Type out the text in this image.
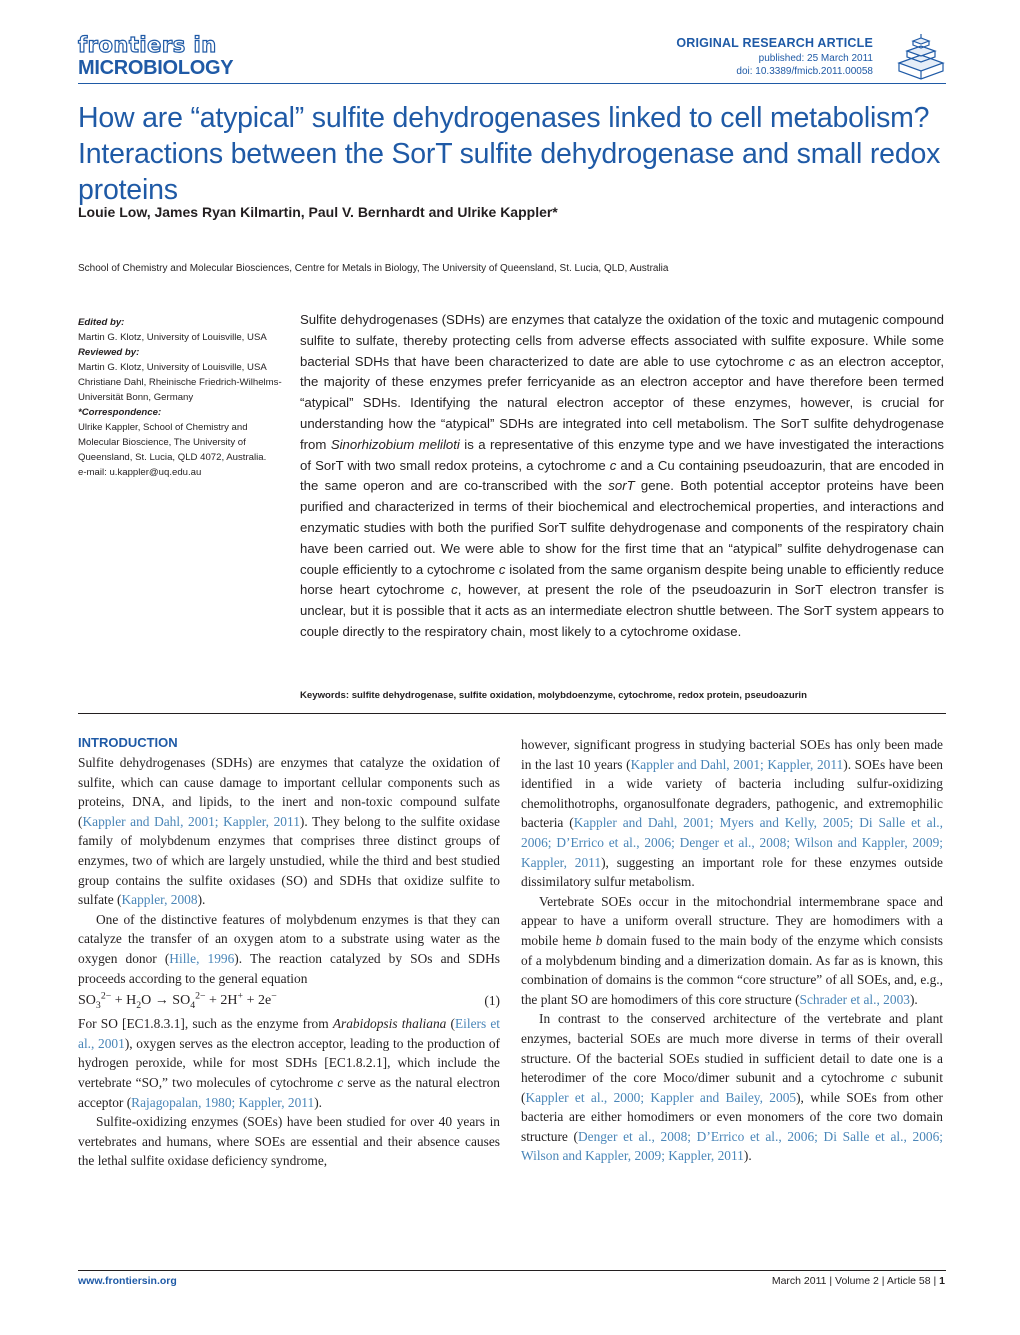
frontiers in
MICROBIOLOGY
ORIGINAL RESEARCH ARTICLE
published: 25 March 2011
doi: 10.3389/fmicb.2011.00058
How are “atypical” sulfite dehydrogenases linked to cell metabolism? Interactions between the SorT sulfite dehydrogenase and small redox proteins
Louie Low, James Ryan Kilmartin, Paul V. Bernhardt and Ulrike Kappler*
School of Chemistry and Molecular Biosciences, Centre for Metals in Biology, The University of Queensland, St. Lucia, QLD, Australia
Edited by:
Martin G. Klotz, University of Louisville, USA
Reviewed by:
Martin G. Klotz, University of Louisville, USA
Christiane Dahl, Rheinische Friedrich-Wilhelms-Universität Bonn, Germany
*Correspondence:
Ulrike Kappler, School of Chemistry and Molecular Bioscience, The University of Queensland, St. Lucia, QLD 4072, Australia.
e-mail: u.kappler@uq.edu.au
Sulfite dehydrogenases (SDHs) are enzymes that catalyze the oxidation of the toxic and mutagenic compound sulfite to sulfate, thereby protecting cells from adverse effects associated with sulfite exposure. While some bacterial SDHs that have been characterized to date are able to use cytochrome c as an electron acceptor, the majority of these enzymes prefer ferricyanide as an electron acceptor and have therefore been termed “atypical” SDHs. Identifying the natural electron acceptor of these enzymes, however, is crucial for understanding how the “atypical” SDHs are integrated into cell metabolism. The SorT sulfite dehydrogenase from Sinorhizobium meliloti is a representative of this enzyme type and we have investigated the interactions of SorT with two small redox proteins, a cytochrome c and a Cu containing pseudoazurin, that are encoded in the same operon and are co-transcribed with the sorT gene. Both potential acceptor proteins have been purified and characterized in terms of their biochemical and electrochemical properties, and interactions and enzymatic studies with both the purified SorT sulfite dehydrogenase and components of the respiratory chain have been carried out. We were able to show for the first time that an “atypical” sulfite dehydrogenase can couple efficiently to a cytochrome c isolated from the same organism despite being unable to efficiently reduce horse heart cytochrome c, however, at present the role of the pseudoazurin in SorT electron transfer is unclear, but it is possible that it acts as an intermediate electron shuttle between. The SorT system appears to couple directly to the respiratory chain, most likely to a cytochrome oxidase.
Keywords: sulfite dehydrogenase, sulfite oxidation, molybdoenzyme, cytochrome, redox protein, pseudoazurin
INTRODUCTION

Sulfite dehydrogenases (SDHs) are enzymes that catalyze the oxidation of sulfite, which can cause damage to important cellular components such as proteins, DNA, and lipids, to the inert and non-toxic compound sulfate (Kappler and Dahl, 2001; Kappler, 2011). They belong to the sulfite oxidase family of molybdenum enzymes that comprises three distinct groups of enzymes, two of which are largely unstudied, while the third and best studied group contains the sulfite oxidases (SO) and SDHs that oxidize sulfite to sulfate (Kappler, 2008).

One of the distinctive features of molybdenum enzymes is that they can catalyze the transfer of an oxygen atom to a substrate using water as the oxygen donor (Hille, 1996). The reaction catalyzed by SOs and SDHs proceeds according to the general equation

$SO_3^{2-} + H_2O \to SO_4^{2-} + 2H^+ + 2e^-$	(1)

For SO [EC1.8.3.1], such as the enzyme from Arabidopsis thaliana (Eilers et al., 2001), oxygen serves as the electron acceptor, leading to the production of hydrogen peroxide, while for most SDHs [EC1.8.2.1], which include the vertebrate “SO,” two molecules of cytochrome c serve as the natural electron acceptor (Rajagopalan, 1980; Kappler, 2011).

Sulfite-oxidizing enzymes (SOEs) have been studied for over 40 years in vertebrates and humans, where SOEs are essential and their absence causes the lethal sulfite oxidase deficiency syndrome,

however, significant progress in studying bacterial SOEs has only been made in the last 10 years (Kappler and Dahl, 2001; Kappler, 2011). SOEs have been identified in a wide variety of bacteria including sulfur-oxidizing chemolithotrophs, organosulfonate degraders, pathogenic, and extremophilic bacteria (Kappler and Dahl, 2001; Myers and Kelly, 2005; Di Salle et al., 2006; D’Errico et al., 2006; Denger et al., 2008; Wilson and Kappler, 2009; Kappler, 2011), suggesting an important role for these enzymes outside dissimilatory sulfur metabolism.

Vertebrate SOEs occur in the mitochondrial intermembrane space and appear to have a uniform overall structure. They are homodimers with a mobile heme b domain fused to the main body of the enzyme which consists of a molybdenum binding and a dimerization domain. As far as is known, this combination of domains is the common “core structure” of all SOEs, and, e.g., the plant SO are homodimers of this core structure (Schrader et al., 2003).

In contrast to the conserved architecture of the vertebrate and plant enzymes, bacterial SOEs are much more diverse in terms of their overall structure. Of the bacterial SOEs studied in sufficient detail to date one is a heterodimer of the core Moco/dimer subunit and a cytochrome c subunit (Kappler et al., 2000; Kappler and Bailey, 2005), while SOEs from other bacteria are either homodimers or even monomers of the core two domain structure (Denger et al., 2008; D’Errico et al., 2006; Di Salle et al., 2006; Wilson and Kappler, 2009; Kappler, 2011).

www.frontiersin.org	March 2011 | Volume 2 | Article 58 | 1
